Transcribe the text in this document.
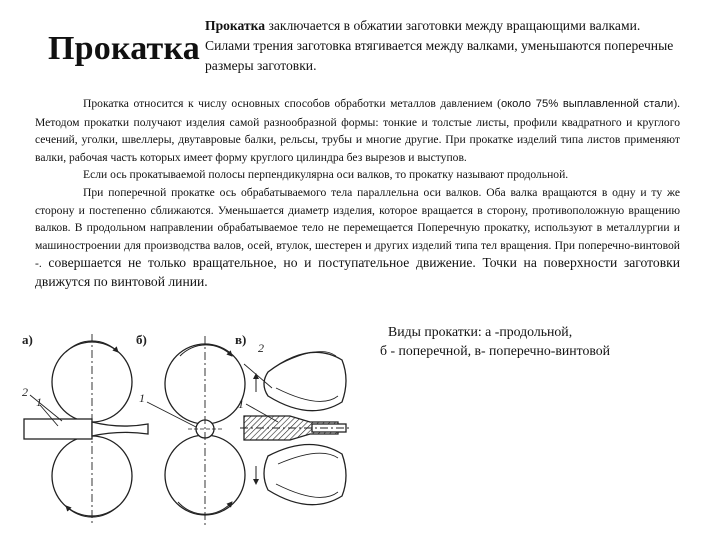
Прокатка
Прокатка заключается в обжатии заготовки между вращающими валками. Силами трения заготовка втягивается между валками, уменьшаются поперечные размеры заготовки.

Прокатка относится к числу основных способов обработки металлов давлением (около 75% выплавленной стали). Методом прокатки получают изделия самой разнообразной формы: тонкие и толстые листы, профили квадратного и круглого сечений, уголки, швеллеры, двутавровые балки, рельсы, трубы и многие другие. При прокатке изделий типа листов применяют валки, рабочая часть которых имеет форму круглого цилиндра без вырезов и выступов.

Если ось прокатываемой полосы перпендикулярна оси валков, то прокатку называют продольной.

При поперечной прокатке ось обрабатываемого тела параллельна оси валков. Оба валка вращаются в одну и ту же сторону и постепенно сближаются. Уменьшается диаметр изделия, которое вращается в сторону, противоположную вращению валков. В продольном направлении обрабатываемое тело не перемещается Поперечную прокатку, используют в металлургии и машиностроении для производства валов, осей, втулок, шестерен и других изделий типа тел вращения. При поперечно-винтовой -. совершается не только вращательное, но и поступательное движение. Точки на поверхности заготовки движутся по винтовой линии.

Виды прокатки: а -продольной,
б - поперечной, в- поперечно-винтовой
а)
2
1
б)
1
в)
2
1
